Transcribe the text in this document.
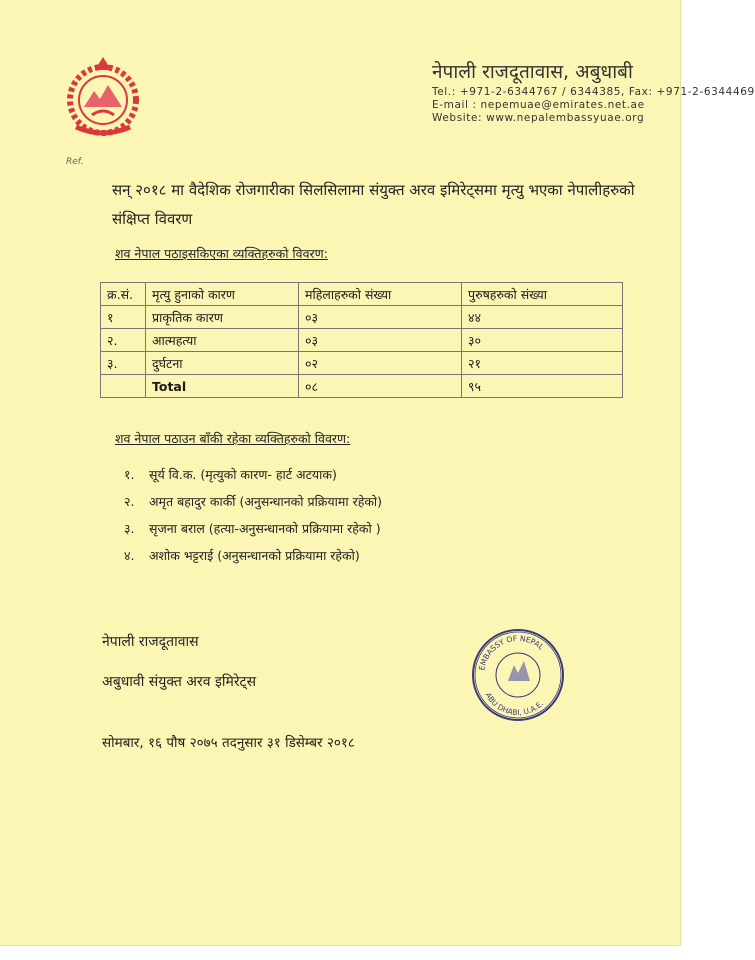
नेपाली राजदूतावास, अबुधाबी
Tel.: +971-2-6344767 / 6344385, Fax: +971-2-6344469
E-mail : nepemuae@emirates.net.ae
Website: www.nepalembassyuae.org
Ref.
सन् २०१८ मा वैदेशिक रोजगारीका सिलसिलामा संयुक्त अरव इमिरेट्समा मृत्यु भएका नेपालीहरुको संक्षिप्त विवरण
शव नेपाल पठाइसकिएका व्यक्तिहरुको विवरण:
क्र.सं.	मृत्यु हुनाको कारण	महिलाहरुको संख्या	पुरुषहरुको संख्या
१	प्राकृतिक कारण	०३	४४
२.	आत्महत्या	०३	३०
३.	दुर्घटना	०२	२१
	Total	०८	९५
शव नेपाल पठाउन बाँकी रहेका व्यक्तिहरुको विवरण:
१. सूर्य वि.क. (मृत्युको कारण- हार्ट अटयाक)
२. अमृत बहादुर कार्की (अनुसन्धानको प्रक्रियामा रहेको)
३. सृजना बराल (हत्या-अनुसन्धानको प्रक्रियामा रहेको )
४. अशोक भट्टराई (अनुसन्धानको प्रक्रियामा रहेको)
नेपाली राजदूतावास
अबुधावी संयुक्त अरव इमिरेट्स
EMBASSY OF NEPAL
ABU DHABI, U.A.E.
सोमबार, १६ पौष २०७५ तदनुसार ३१ डिसेम्बर २०१८
